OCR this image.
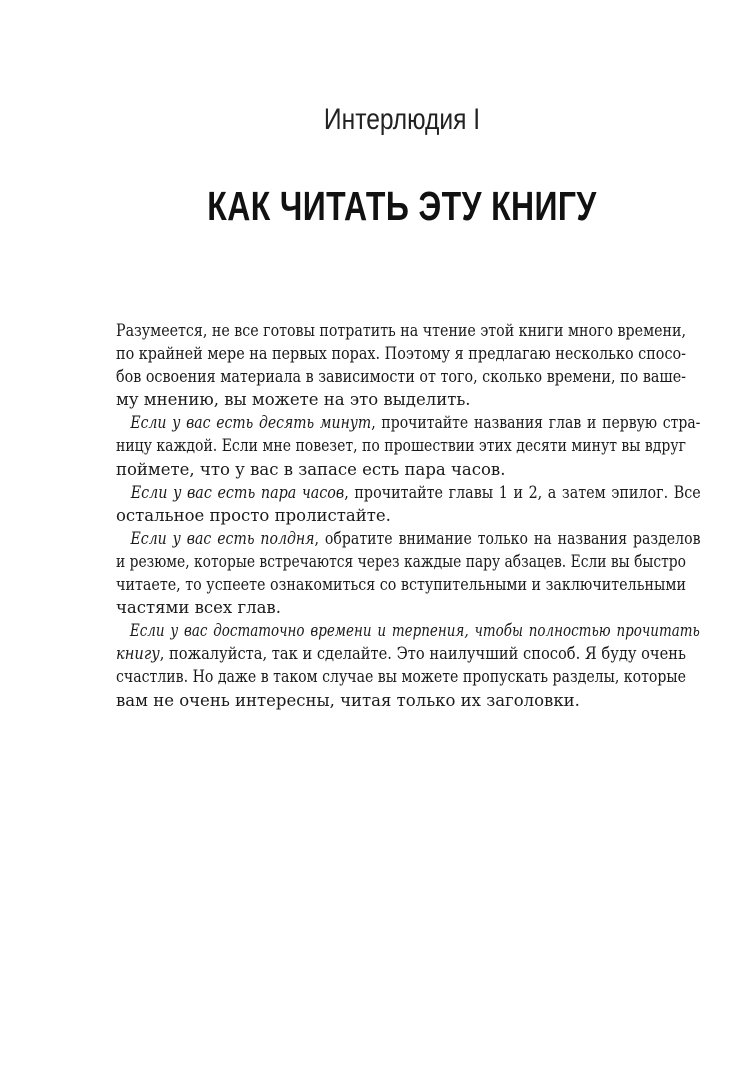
Интерлюдия I
КАК ЧИТАТЬ ЭТУ КНИГУ
Разумеется, не все готовы потратить на чтение этой книги много времени,
по крайней мере на первых порах. Поэтому я предлагаю несколько спосо-
бов освоения материала в зависимости от того, сколько времени, по ваше-
му мнению, вы можете на это выделить.
Если у вас есть десять минут, прочитайте названия глав и первую стра-
ницу каждой. Если мне повезет, по прошествии этих десяти минут вы вдруг
поймете, что у вас в запасе есть пара часов.
Если у вас есть пара часов, прочитайте главы 1 и 2, а затем эпилог. Все
остальное просто пролистайте.
Если у вас есть полдня, обратите внимание только на названия разделов
и резюме, которые встречаются через каждые пару абзацев. Если вы быстро
читаете, то успеете ознакомиться со вступительными и заключительными
частями всех глав.
Если у вас достаточно времени и терпения, чтобы полностью прочитать
книгу, пожалуйста, так и сделайте. Это наилучший способ. Я буду очень
счастлив. Но даже в таком случае вы можете пропускать разделы, которые
вам не очень интересны, читая только их заголовки.
